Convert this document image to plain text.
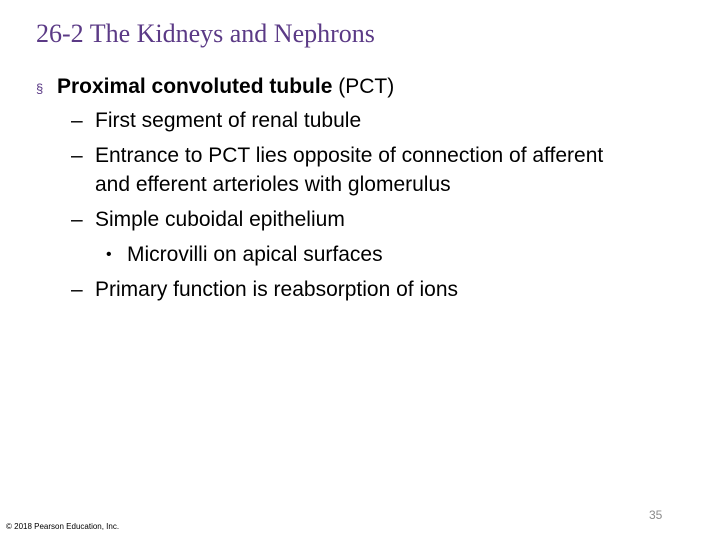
26-2 The Kidneys and Nephrons
§ Proximal convoluted tubule (PCT)
– First segment of renal tubule
– Entrance to PCT lies opposite of connection of afferent
and efferent arterioles with glomerulus
– Simple cuboidal epithelium
• Microvilli on apical surfaces
– Primary function is reabsorption of ions
35
© 2018 Pearson Education, Inc.
